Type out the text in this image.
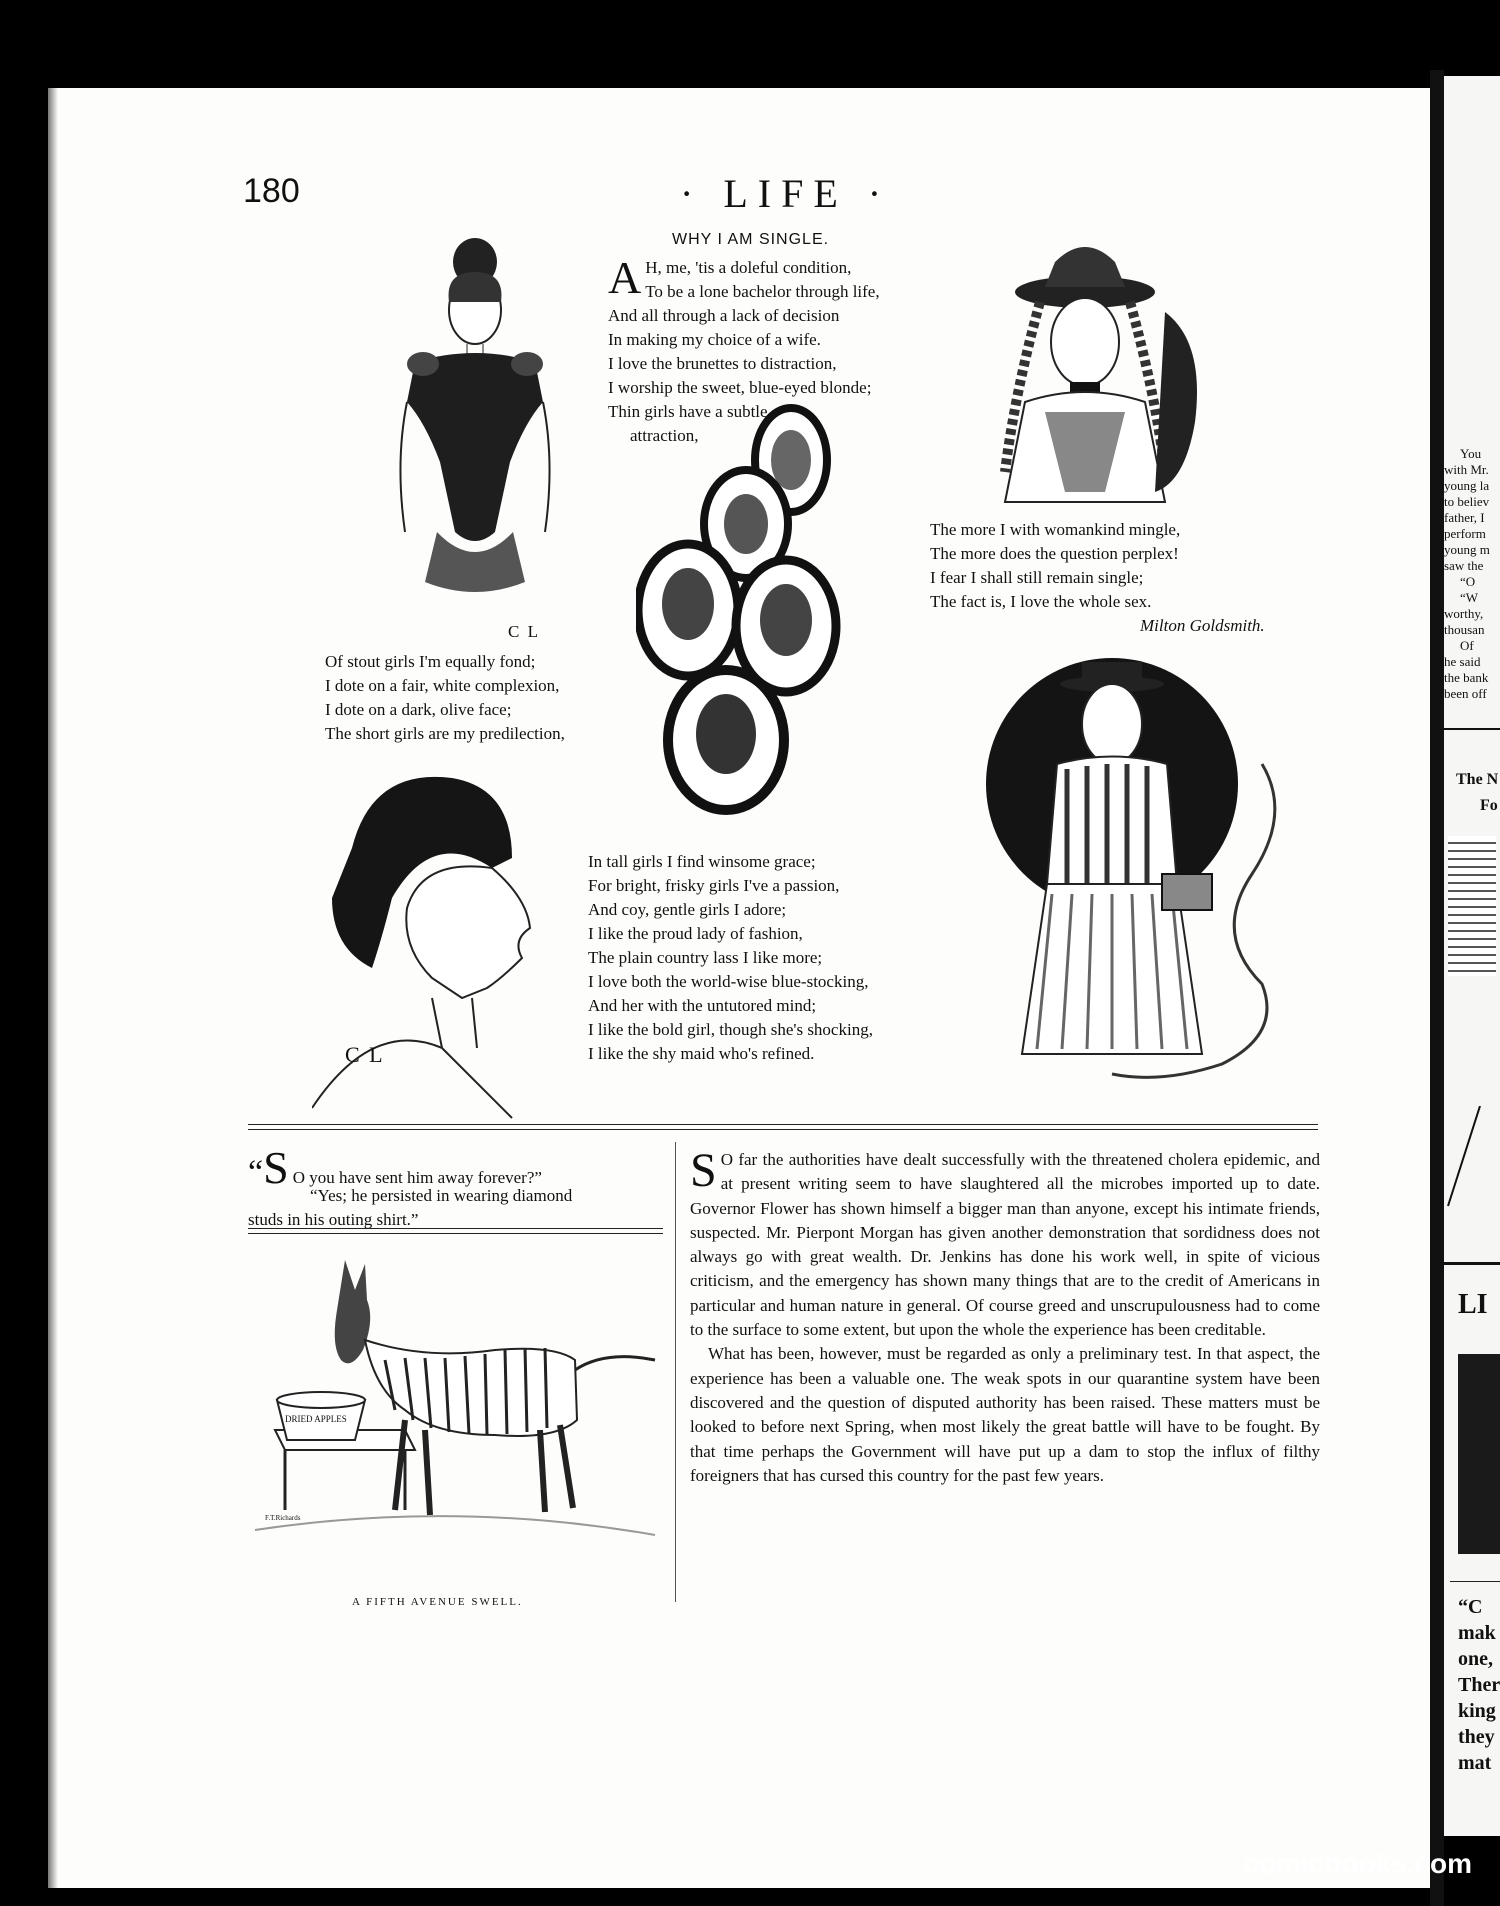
You
with Mr.
young la
to believ
father, I
perform
young m
saw the
“O
“W
worthy,
thousan
Of
he said
the bank
been off
The N
Fo
LI
“C
mak
one,
Ther
king
they
mat
180	· LIFE ·
WHY I AM SINGLE.
A H, me, 'tis a doleful condition,
To be a lone bachelor through life,
And all through a lack of decision
In making my choice of a wife.
I love the brunettes to distraction,
I worship the sweet, blue-eyed blonde;
Thin girls have a subtle
attraction,
Of stout girls I'm equally fond;
I dote on a fair, white complexion,
I dote on a dark, olive face;
The short girls are my predilection,
In tall girls I find winsome grace;
For bright, frisky girls I've a passion,
And coy, gentle girls I adore;
I like the proud lady of fashion,
The plain country lass I like more;
I love both the world-wise blue-stocking,
And her with the untutored mind;
I like the bold girl, though she's shocking,
I like the shy maid who's refined.
The more I with womankind mingle,
The more does the question perplex!
I fear I shall still remain single;
The fact is, I love the whole sex.
Milton Goldsmith.
C L
C L
“S O you have sent him away forever?”
“Yes; he persisted in wearing diamond
studs in his outing shirt.”
DRIED APPLES
F.T.Richards
A FIFTH AVENUE SWELL.

S O far the authorities have dealt successfully with the threatened cholera epidemic, and at present writing seem to have slaughtered all the microbes imported up to date. Governor Flower has shown himself a bigger man than anyone, except his intimate friends, suspected. Mr. Pierpont Morgan has given another demonstration that sordidness does not always go with great wealth. Dr. Jenkins has done his work well, in spite of vicious criticism, and the emergency has shown many things that are to the credit of Americans in particular and human nature in general. Of course greed and unscrupulousness had to come to the surface to some extent, but upon the whole the experience has been creditable.

What has been, however, must be regarded as only a preliminary test. In that aspect, the experience has been a valuable one. The weak spots in our quarantine system have been discovered and the question of disputed authority has been raised. These matters must be looked to before next Spring, when most likely the great battle will have to be fought. By that time perhaps the Government will have put up a dam to stop the influx of filthy foreigners that has cursed this country for the past few years.

comicbooks.com
